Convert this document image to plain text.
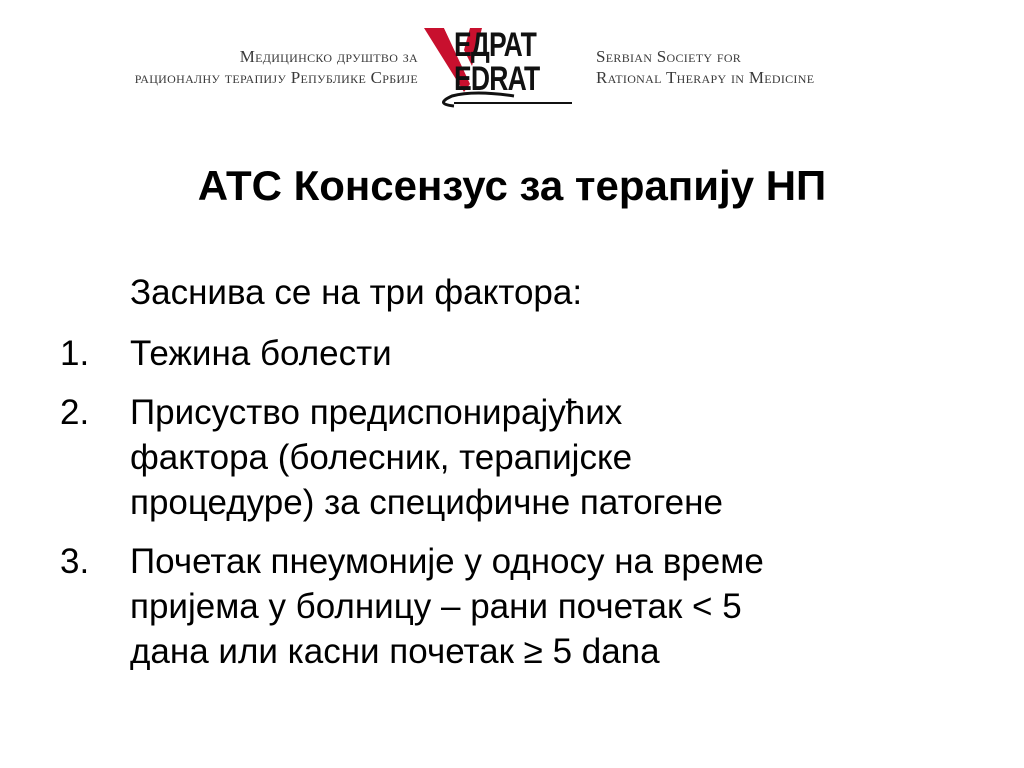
Медицинско друштво за
рационалну терапију Републике Србије
ЕДРАТ
EDRAT
Serbian Society for
Rational Therapy in Medicine
АТС Консензус за терапију НП
Заснива се на три фактора:
1.	Тежина болести
2.	Присуство предиспонирајућих
фактора (болесник, терапијске
процедуре) за специфичне патогене
3.	Почетак пнеумоније у односу на време
пријема у болницу – рани почетак < 5
дана или касни почетак ≥ 5 dana
